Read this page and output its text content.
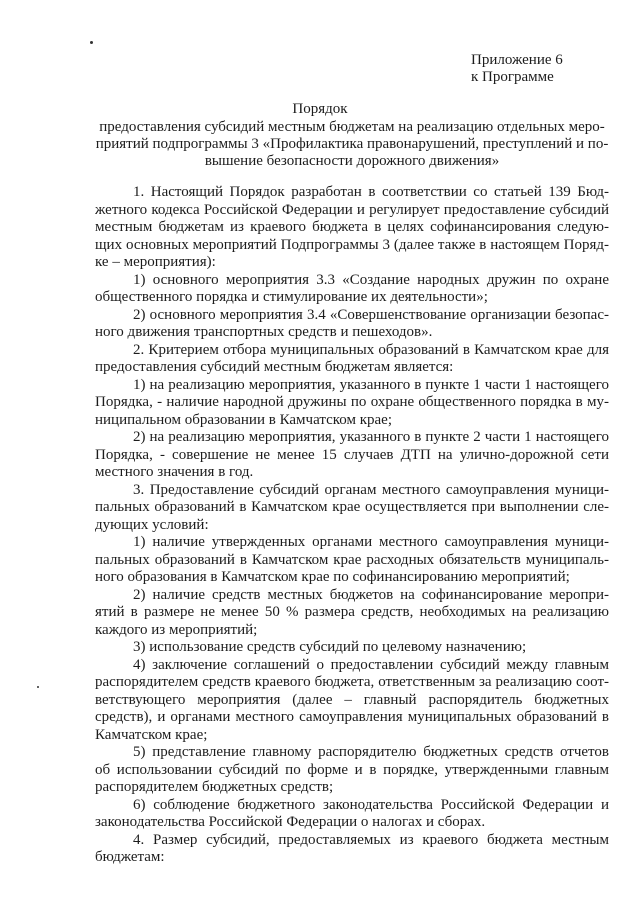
Приложение 6
к Программе
Порядок
предоставления субсидий местным бюджетам на реализацию отдельных меро-
приятий подпрограммы 3 «Профилактика правонарушений, преступлений и по-
вышение безопасности дорожного движения»
1. Настоящий Порядок разработан в соответствии со статьей 139 Бюд-
жетного кодекса Российской Федерации и регулирует предоставление субсидий
местным бюджетам из краевого бюджета в целях софинансирования следую-
щих основных мероприятий Подпрограммы 3 (далее также в настоящем Поряд-
ке – мероприятия):
1) основного мероприятия 3.3 «Создание народных дружин по охране
общественного порядка и стимулирование их деятельности»;
2) основного мероприятия 3.4 «Совершенствование организации безопас-
ного движения транспортных средств и пешеходов».
2. Критерием отбора муниципальных образований в Камчатском крае для
предоставления субсидий местным бюджетам является:
1) на реализацию мероприятия, указанного в пункте 1 части 1 настоящего
Порядка, - наличие народной дружины по охране общественного порядка в му-
ниципальном образовании в Камчатском крае;
2) на реализацию мероприятия, указанного в пункте 2 части 1 настоящего
Порядка, - совершение не менее 15 случаев ДТП на улично-дорожной сети
местного значения в год.
3. Предоставление субсидий органам местного самоуправления муници-
пальных образований в Камчатском крае осуществляется при выполнении сле-
дующих условий:
1) наличие утвержденных органами местного самоуправления муници-
пальных образований в Камчатском крае расходных обязательств муниципаль-
ного образования в Камчатском крае по софинансированию мероприятий;
2) наличие средств местных бюджетов на софинансирование меропри-
ятий в размере не менее 50 % размера средств, необходимых на реализацию
каждого из мероприятий;
3) использование средств субсидий по целевому назначению;
4) заключение соглашений о предоставлении субсидий между главным
распорядителем средств краевого бюджета, ответственным за реализацию соот-
ветствующего мероприятия (далее – главный распорядитель бюджетных
средств), и органами местного самоуправления муниципальных образований в
Камчатском крае;
5) представление главному распорядителю бюджетных средств отчетов
об использовании субсидий по форме и в порядке, утвержденными главным
распорядителем бюджетных средств;
6) соблюдение бюджетного законодательства Российской Федерации и
законодательства Российской Федерации о налогах и сборах.
4. Размер субсидий, предоставляемых из краевого бюджета местным
бюджетам:
